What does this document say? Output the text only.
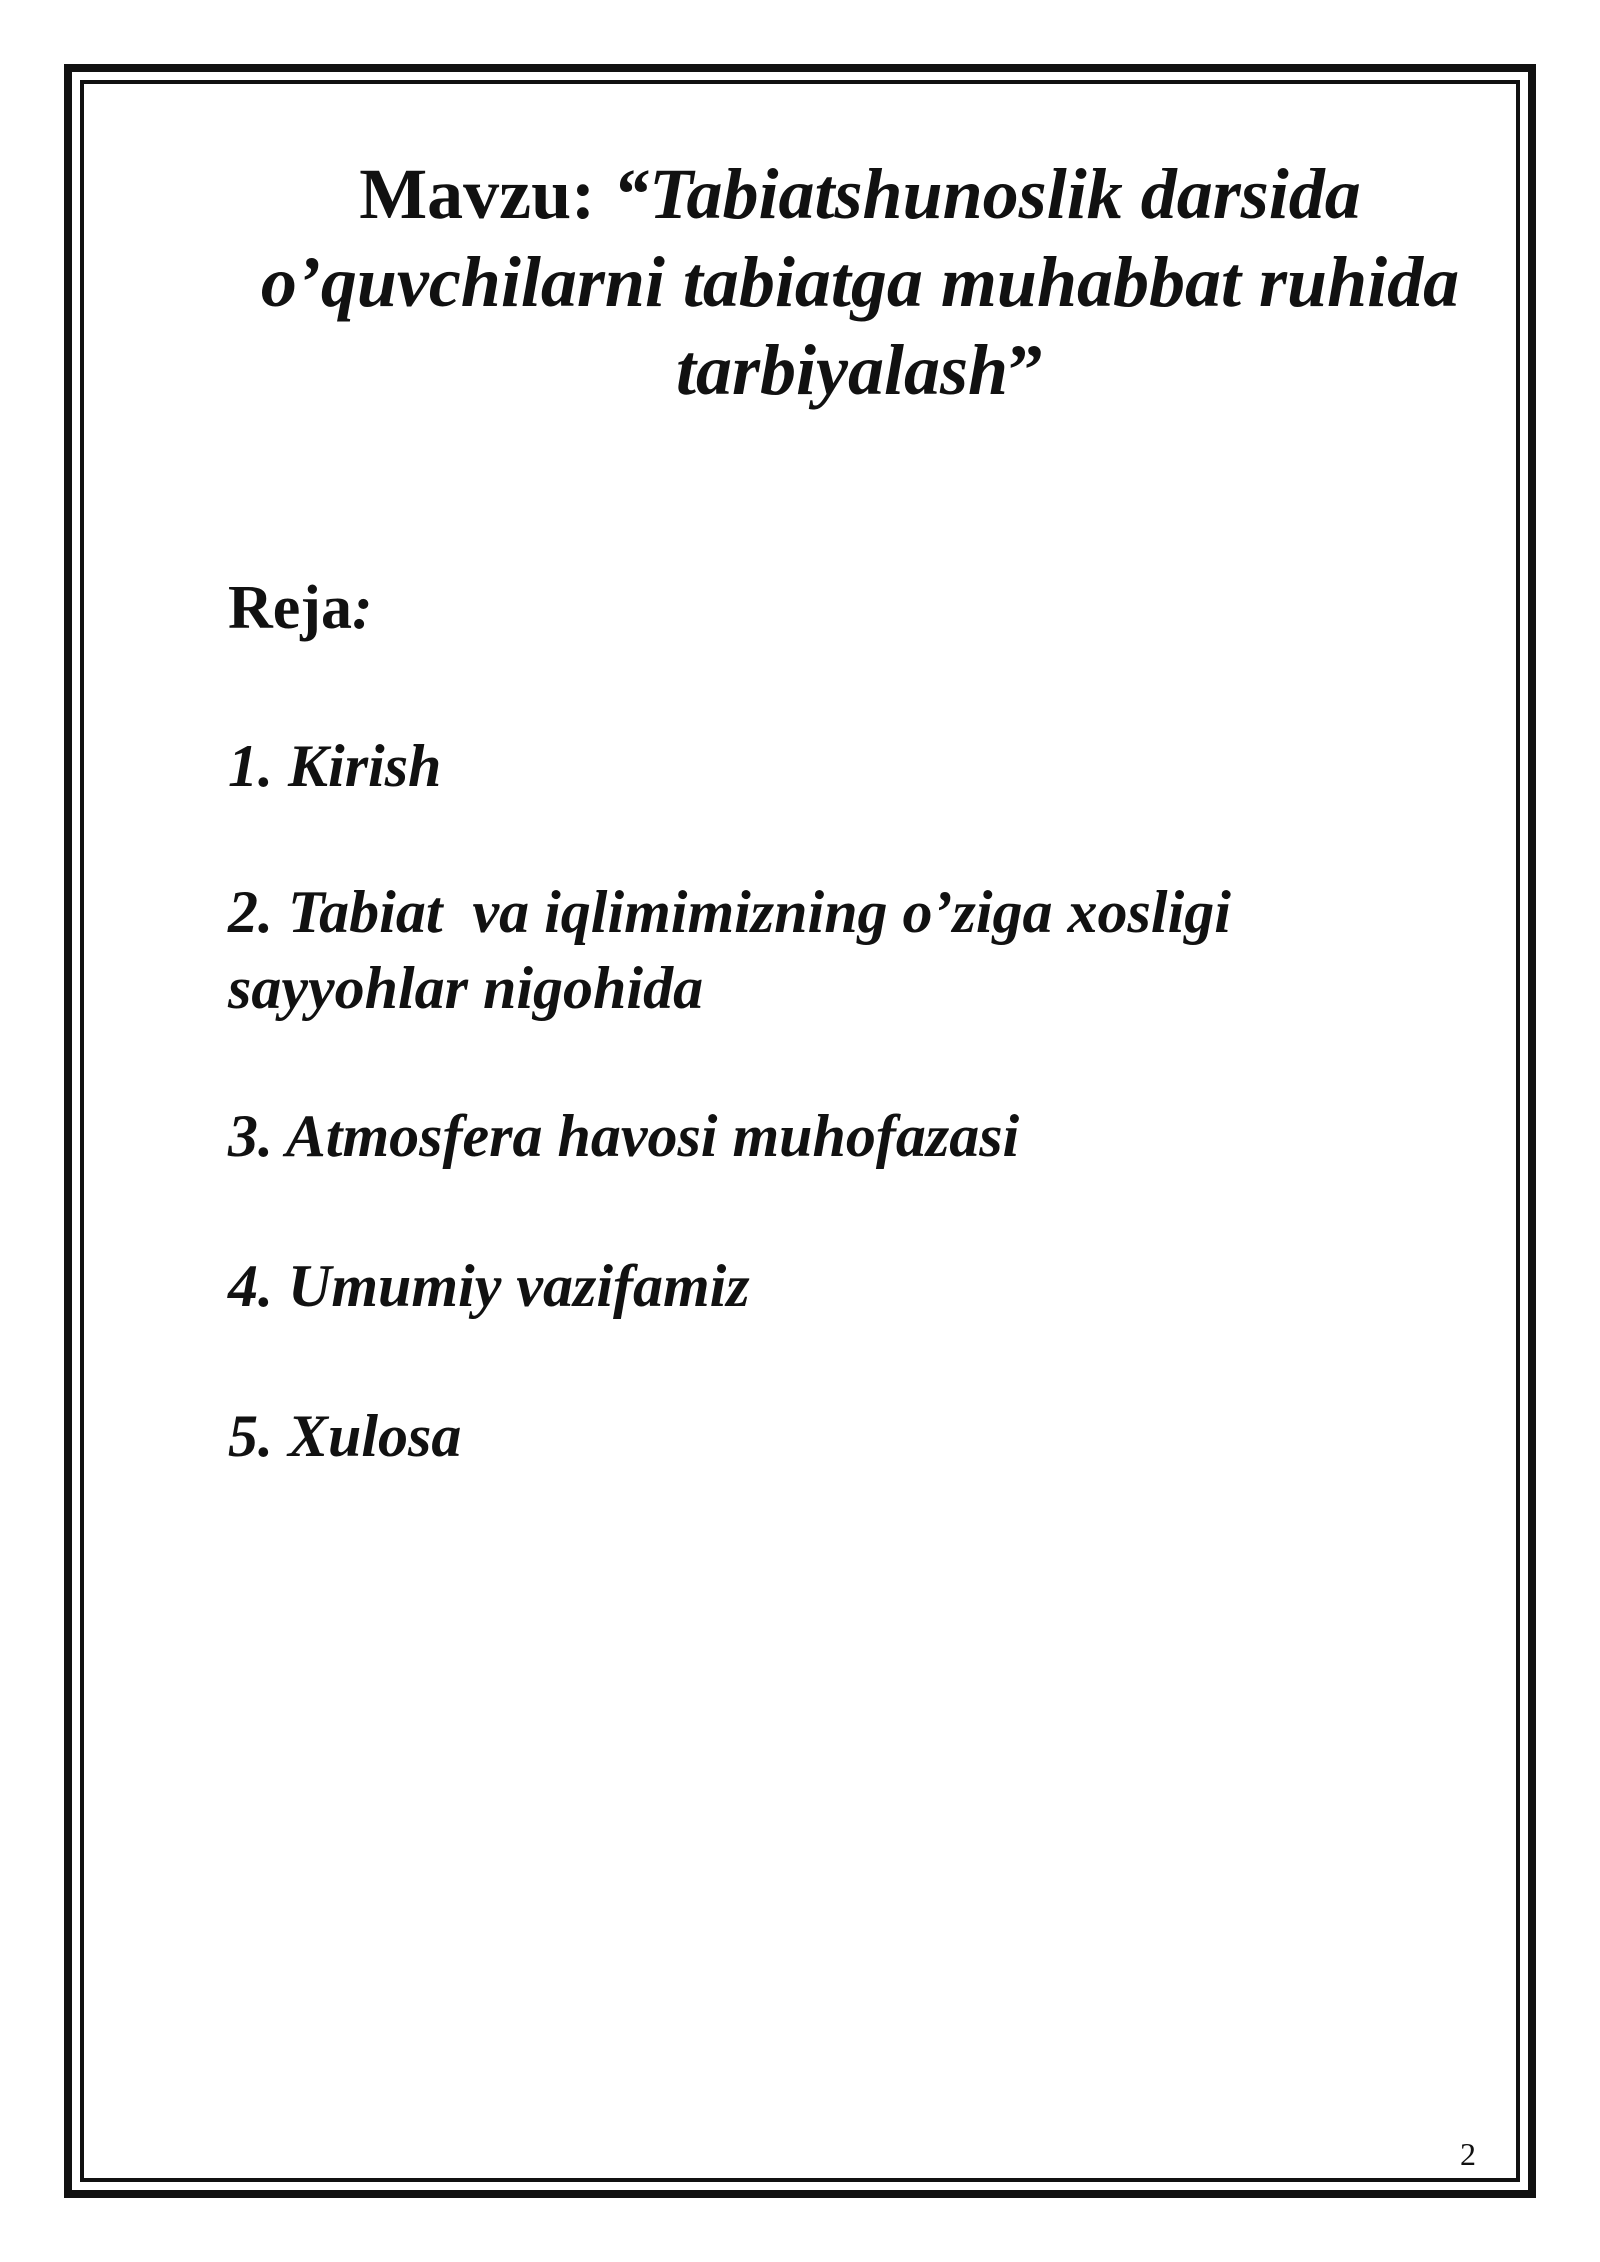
Mavzu: “Tabiatshunoslik darsida
o’quvchilarni tabiatga muhabbat ruhida
tarbiyalash”

Reja:

1. Kirish
2. Tabiat  va iqlimimizning o’ziga xosligi sayyohlar nigohida
3. Atmosfera havosi muhofazasi
4. Umumiy vazifamiz
5. Xulosa
2
